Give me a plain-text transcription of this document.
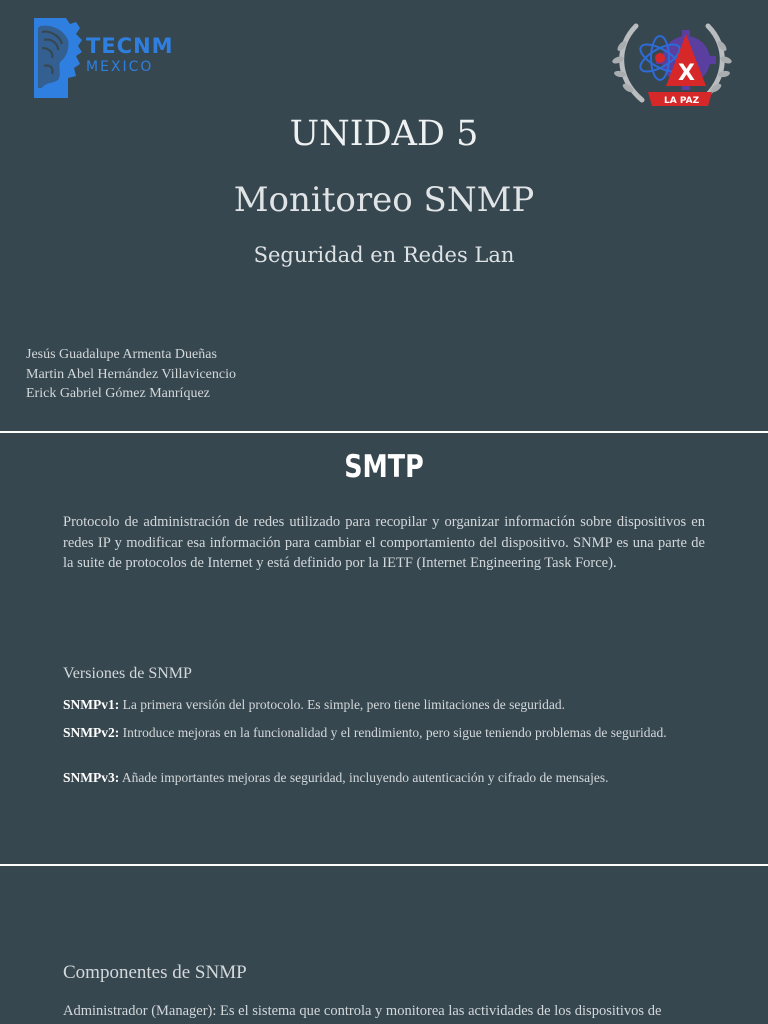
TECNM
MEXICO	X
LA PAZ
UNIDAD 5
Monitoreo SNMP
Seguridad en Redes Lan
Jesús Guadalupe Armenta Dueñas
Martin Abel Hernández Villavicencio
Erick Gabriel Gómez Manríquez
SMTP

Protocolo de administración de redes utilizado para recopilar y organizar información sobre dispositivos en redes IP y modificar esa información para cambiar el comportamiento del dispositivo. SNMP es una parte de la suite de protocolos de Internet y está definido por la IETF (Internet Engineering Task Force).

Versiones de SNMP

SNMPv1: La primera versión del protocolo. Es simple, pero tiene limitaciones de seguridad.

SNMPv2: Introduce mejoras en la funcionalidad y el rendimiento, pero sigue teniendo problemas de seguridad.

SNMPv3: Añade importantes mejoras de seguridad, incluyendo autenticación y cifrado de mensajes.

Componentes de SNMP

Administrador (Manager): Es el sistema que controla y monitorea las actividades de los dispositivos de
